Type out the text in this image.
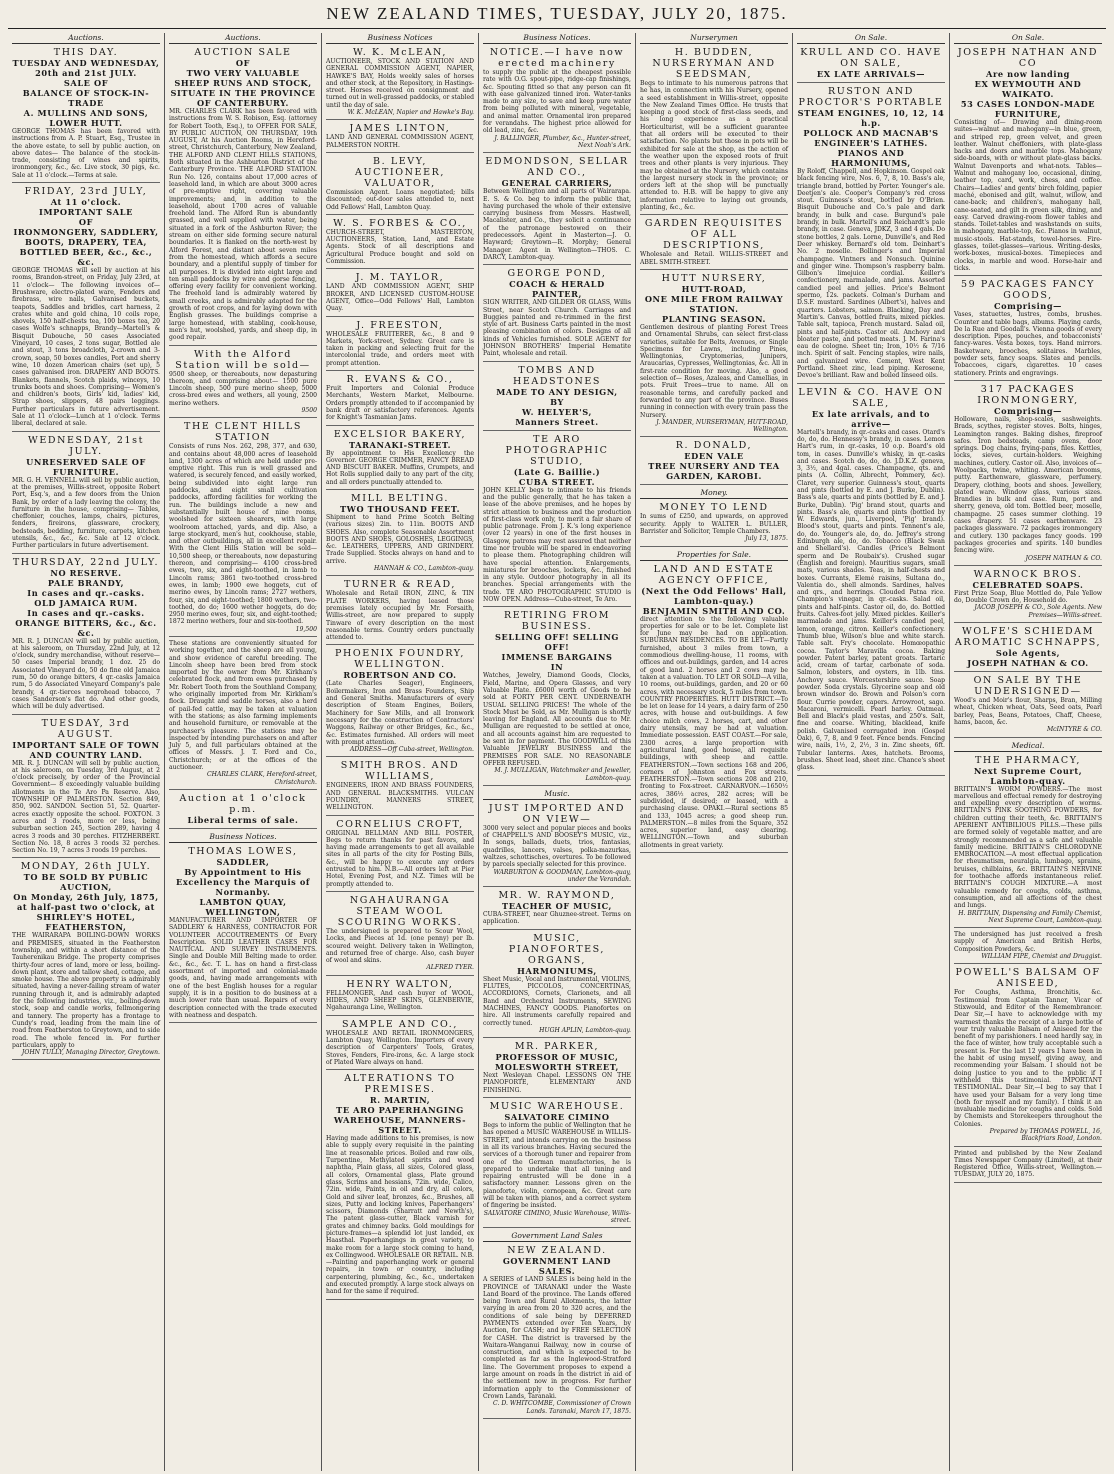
NEW ZEALAND TIMES, TUESDAY, JULY 20, 1875.
Auctions.

THIS DAY.

TUESDAY AND WEDNESDAY,

20th and 21st JULY.

SALE OF

BALANCE OF STOCK-IN-TRADE

A. MULLINS AND SONS, LOWER HUTT.

GEORGE THOMAS has been favored with instructions from A. P. Stuart, Esq., Trustee in the above estate, to sell by public auction, on above dates— The balance of the stock-in-trade, consisting of wines and spirits, ironmongery, &c., &c. Live stock, 30 pigs, &c. Sale at 11 o'clock.—Terms at sale.

FRIDAY, 23rd JULY,

At 11 o'clock.

IMPORTANT SALE

OF

IRONMONGERY, SADDLERY, BOOTS, DRAPERY, TEA, BOTTLED BEER, &c., &c., &c.

GEORGE THOMAS will sell by auction at his rooms, Brandon-street, on Friday, July 23rd, at 11 o'clock— The following invoices of— Brushware, electro-plated ware, Fenders and firebrass, wire nails, Galvanised buckets, teapots, Saddles and bridles, cart harness, 2 crates white and gold china, 10 coils rope, shovels, 150 half-chests tea, 100 boxes tea, 20 cases Wolfe's schnapps, Brandy—Martell's & Bisquit Dubouche, 50 cases Associated Vineyard, 10 cases, 2 tons sugar, Bottled ale and stout, 3 tons broadcloth, 2-crown and 3-crown, soap, 50 boxes candles, Port and sherry wine, 10 dozen American chairs (set up), 5 cases galvanised iron. DRAPERY AND BOOTS. Blankets, flannels, Scotch plaids, winceys, 10 trunks boots and shoes. Comprising— Women's and children's boots, Girls' kid, ladies' kid, Strap shoes, slippers, 48 pairs leggings. Further particulars in future advertisement. Sale at 11 o'clock—Lunch at 1 o'clock. Terms liberal, declared at sale.

WEDNESDAY, 21st JULY.

UNRESERVED SALE OF FURNITURE.

MR. G. H. VENNELL will sell by public auction, at the premises, Willis-street, opposite Robert Port, Esq.'s, and a few doors from the Union Bank, by order of a lady leaving the colony, the furniture in the house, comprising— Tables, cheffonier, couches, lamps, chairs, pictures, fenders, fireirons, glassware, crockery, bedsteads, bedding, furniture, carpets, kitchen utensils, &c., &c., &c. Sale at 12 o'clock. Further particulars in future advertisement.

THURSDAY, 22nd JULY.

NO RESERVE.

PALE BRANDY,

In cases and qr.-casks.

OLD JAMAICA RUM.

In cases and qr.-casks.

ORANGE BITTERS, &c., &c. &c.

MR. R. J. DUNCAN will sell by public auction, at his saleroom, on Thursday, 22nd July, at 12 o'clock, sundry merchandise, without reserve— 50 cases Imperial brandy, 1 doz. 25 do Associated Vineyard do, 50 do fine old Jamaica rum, 50 do orange bitters, 4 qr.-casks Jamaica rum, 5 do Associated Vineyard Company's pale brandy, 4 qr.-tierces negrohead tobacco, 7 cases Sanderson's flat do. And other goods, which will be duly advertised.

TUESDAY, 3rd AUGUST.

IMPORTANT SALE OF TOWN AND COUNTRY LAND.

MR. R. J. DUNCAN will sell by public auction, at his saleroom, on Tuesday, 3rd August, at 2 o'clock precisely, by order of the Provincial Government— 8 exceedingly valuable building allotments in the Te Aro Pa Reserve. Also, TOWNSHIP OF PALMERSTON. Section 849, 850, 902. SANDON. Section 51, 52. Quarter-acres exactly opposite the school. FOXTON. 3 acres and 3 roods, more or less, being suburban section 245, Section 289, having 4 acres 3 roods and 30 perches. FITZHERBERT. Section No. 18, 8 acres 3 roods 32 perches. Section No. 19, 7 acres 3 roods 19 perches.

MONDAY, 26th JULY.

TO BE SOLD BY PUBLIC AUCTION,

On Monday, 26th July, 1875, at half-past two o'clock, at

SHIRLEY'S HOTEL, FEATHERSTON,

THE WAIRARAPA BOILING-DOWN WORKS and PREMISES, situated in the Featherston township, and within a short distance of the Tauherenikau Bridge. The property comprises thirty-four acres of land, more or less, boiling-down plant, store and tallow shed, cottage, and smoke house. The above property is admirably situated, having a never-failing stream of water running through it, and is admirably adapted for the following industries, viz., boiling-down stock, soap and candle works, fellmongering and tannery. The property has a frontage to Cundy's road, leading from the main line of road from Featherston to Greytown, and to side road. The whole fenced in. For further particulars, apply to

JOHN TULLY, Managing Director, Greytown.

Auctions.

AUCTION SALE

OF

TWO VERY VALUABLE SHEEP RUNS AND STOCK,

SITUATE IN THE PROVINCE OF CANTERBURY.

MR. CHARLES CLARK has been favored with instructions from W. S. Robison, Esq. (attorney for Robert Tooth, Esq.), to OFFER FOR SALE, BY PUBLIC AUCTION, ON THURSDAY, 19th AUGUST, At his Auction Rooms, in Hereford-street, Christchurch, Canterbury, New Zealand, THE ALFORD AND CLENT HILLS STATIONS, Both situated in the Ashburton District of the Canterbury Province. THE ALFORD STATION. Run No. 126, contains about 17,000 acres of leasehold land, in which are about 3000 acres of pre-emptive right, covering valuable improvements; and, in addition to the leasehold, about 1700 acres of valuable freehold land. The Alford Run is abundantly grassed, and well supplied with water, being situated in a fork of the Ashburton River; the stream on either side forming secure natural boundaries. It is flanked on the north-west by Alford Forest, and distant about seven miles from the homestead, which affords a secure boundary, and a plentiful supply of timber for all purposes. It is divided into eight large and ten small paddocks by wire and gorse fencing, offering every facility for convenient working. The freehold land is admirably watered by small creeks, and is admirably adapted for the growth of root crops, and for laying down with English grasses. The buildings comprise a large homestead, with stabling, cook-house, men's hut, woolshed, yards, and sheep dip, in good repair.

With the Alford Station will be sold—

9500 sheep, or thereabouts, now depasturing thereon, and comprising about— 1500 pure Lincoln sheep, 500 pure merino sheep, 5000 cross-bred ewes and wethers, all young, 2500 merino wethers.

9500

THE CLENT HILLS STATION

Consists of runs Nos. 262, 298, 377, and 630, and contains about 48,000 acres of leasehold land, 1300 acres of which are held under pre-emptive right. This run is well grassed and watered, is securely fenced, and easily worked, being subdivided into eight large run paddocks, and eight small cultivation paddocks, affording facilities for working the run. The buildings include a new and substantially built house of nine rooms, woolshed for sixteen shearers, with large woolroom attached, yards, and dip. Also, a large stockyard, men's hut, cookhouse, stable, and other outbuildings, all in excellent repair. With the Clent Hills Station will be sold— 10,500 sheep, or thereabouts, now depasturing thereon, and comprising— 4100 cross-bred ewes, two, six, and eight-toothed, in lamb to Lincoln rams; 3861 two-toothed cross-bred ewes, in lamb; 1900 ewe hoggets, cut of merino ewes, by Lincoln rams; 2727 wethers, four, six, and eight-toothed; 1800 wethers, two-toothed, do do; 1600 wether hoggets, do do; 2950 merino ewes, four, six, and eight-toothed; 1872 merino wethers, four and six-toothed.

19,500

These stations are conveniently situated for working together, and the sheep are all young, and show evidence of careful breeding. The Lincoln sheep have been bred from stock imported by the owner from Mr. Kirkham's celebrated flock, and from ewes purchased by Mr. Robert Tooth from the Southland Company, who originally imported from Mr. Kirkham's flock. Draught and saddle horses, also a herd of pail-fed cattle, may be taken at valuation with the stations; as also farming implements and household furniture, or removable at the purchaser's pleasure. The stations may be inspected by intending purchasers on and after July 5, and full particulars obtained at the offices of Messrs. J. T. Ford and Co., Christchurch; or at the offices of the auctioneer.

CHARLES CLARK, Hereford-street, Christchurch.

Auction at 1 o'clock p.m.

Liberal terms of sale.

Business Notices.

THOMAS LOWES,

SADDLER,

By Appointment to His Excellency the Marquis of Normanby.

LAMBTON QUAY, WELLINGTON,

MANUFACTURER AND IMPORTER OF SADDLERY & HARNESS, CONTRACTOR FOR VOLUNTEER ACCOUTREMENTS Of Every Description. SOLID LEATHER CASES FOR NAUTICAL AND SURVEY INSTRUMENTS. Single and Double Mill Belting made to order. &c., &c., &c. T. L. has on hand a first-class assortment of imported and colonial-made goods, and, having made arrangements with one of the best English houses for a regular supply, it is in a position to do business at a much lower rate than usual. Repairs of every description connected with the trade executed with neatness and despatch.

Business Notices

W. K. McLEAN,

AUCTIONEER, STOCK AND STATION AND GENERAL COMMISSION AGENT, NAPIER, HAWKE'S BAY, Holds weekly sales of horses and other stock, at the Repository, in Hastings-street. Horses received on consignment and turned out in well-grassed paddocks, or stabled until the day of sale.

W. K. McLEAN, Napier and Hawke's Bay.

JAMES LINTON,

LAND AND GENERAL COMMISSION AGENT, PALMERSTON NORTH.

B. LEVY, AUCTIONEER, VALUATOR,

Commission Agent. Loans negotiated; bills discounted; out-door sales attended to, next Odd Fellows' Hall, Lambton Quay.

W. S. FORBES & CO.,

CHURCH-STREET, MASTERTON, AUCTIONEERS, Station, Land, and Estate Agents. Stock of all descriptions and Agricultural Produce bought and sold on Commission.

J. M. TAYLOR,

LAND AND COMMISSION AGENT, SHIP BROKER, AND LICENSED CUSTOM-HOUSE AGENT, Office—Odd Fellows' Hall, Lambton Quay.

J. FREESTON,

WHOLESALE FRUITERER, &c., 8 and 9 Markets, York-street, Sydney. Great care is taken in packing and selecting fruit for the intercolonial trade, and orders meet with prompt attention.

R. EVANS & CO.,

Fruit Importers and Colonial Produce Merchants, Western Market, Melbourne. Orders promptly attended to if accompanied by bank draft or satisfactory references. Agents for Knight's Tasmanian Jams.

EXCELSIOR BAKERY,

TARANAKI-STREET.

By appointment to His Excellency the Governor. GEORGE CRIMMER, FANCY BREAD AND BISCUIT BAKER. Muffins, Crumpets, and Hot Rolls supplied daily to any part of the city, and all orders punctually attended to.

MILL BELTING.

TWO THOUSAND FEET.

Shipment to hand Prime Scotch Belting (various sizes) 2in. to 11in. BOOTS AND SHOES. Also, complete Seasonable Assortment BOOTS AND SHOES, GOLOSHES, LEGGINGS, &c. LEATHERS, UPPERS, AND GRINDERY. Trade Supplied. Stocks always on hand and to arrive.

HANNAH & CO., Lambton-quay.

TURNER & READ,

Wholesale and Retail IRON, ZINC, & TIN PLATE WORKERS, having leased those premises lately occupied by Mr. Forsaith, Willis-street, are now prepared to supply Tinware of every description on the most reasonable terms. Country orders punctually attended to.

PHOENIX FOUNDRY, WELLINGTON.

ROBERTSON AND CO.

(Late Charles Seager), Engineers, Boilermakers, Iron and Brass Founders, Ship and General Smiths. Manufacturers of every description of Steam Engines, Boilers, Machinery for Saw Mills, and all Ironwork necessary for the construction of Contractors' Waggons, Railway or other Bridges, &c., &c., &c. Estimates furnished. All orders will meet with prompt attention.

ADDRESS—Off Cuba-street, Wellington.

SMITH BROS. AND WILLIAMS,

ENGINEERS, IRON AND BRASS FOUNDERS, AND GENERAL BLACKSMITHS. VULCAN FOUNDRY, MANNERS STREET, WELLINGTON.

CORNELIUS CROFT,

ORIGINAL BELLMAN AND BILL POSTER, Begs to return thanks for past favors, and having made arrangements to get all available sites in all parts of the city for Posting Bills, &c., will be happy to execute any orders entrusted to him. N.B.—All orders left at Pier Hotel, Evening Post, and N.Z. Times will be promptly attended to.

NGAHAURANGA STEAM WOOL SCOURING WORKS.

The undersigned is prepared to Scour Wool, Locks, and Pieces at 1d. (one penny) per lb. scoured weight. Delivery taken in Wellington, and returned free of charge. Also, cash buyer of wool and skins.

ALFRED TYER.

HENRY WALTON,

FELLMONGER, And cash buyer of WOOL, HIDES, AND SHEEP SKINS, GLENBERVIE, Ngahauranga Line, Wellington.

SAMPLE AND CO.,

WHOLESALE AND RETAIL IRONMONGERS, Lambton Quay, Wellington. Importers of every description of Carpenters' Tools, Grates, Stoves, Fenders, Fire-irons, &c. A large stock of Plated Ware always on hand.

ALTERATIONS TO PREMISES.

R. MARTIN,

TE ARO PAPERHANGING WAREHOUSE, MANNERS-STREET.

Having made additions to his premises, is now able to supply every requisite in the painting line at reasonable prices. Boiled and raw oils, Turpentine, Methylated spirits and wood naphtha, Plain glass, all sizes, Colored glass, all colors, Ornamental glass, Plate ground glass, Scrims and hessians, 72in. wide, Calico, 72in. wide, Paints, in oil and dry, all colors, Gold and silver leaf, bronzes, &c., Brushes, all sizes, Putty and locking knives, Paperhangers' scissors, Diamonds (Sharratt and Newth's), The patent glass-cutter, Black varnish for grates and chimney backs. Gold mouldings for picture-frames—a splendid lot just landed, ex Haasthal. Paperhangings in great variety, to make room for a large stock coming to hand, ex Collingwood. WHOLESALE OR RETAIL. N.B.—Painting and paperhanging work or general repairs, in town or country, including carpentering, plumbing, &c., &c., undertaken and executed promptly. A large stock always on hand for the same if required.

Business Notices.

NOTICE.—I have now erected machinery

to supply the public at the cheapest possible rate with O.G. spout-pipe, ridge-cap finishings, &c. Spouting fitted so that any person can fit with ease galvanized tinned iron. Water-tanks made to any size, to save and keep pure water from being polluted with mineral, vegetable, and animal matter. Ornamental iron prepared for verandahs. The highest price allowed for old lead, zinc, &c.

J. BALLINGER, Plumber, &c., Hunter-street, Next Noah's Ark.

EDMONDSON, SELLAR AND CO.,

GENERAL CARRIERS,

Between Wellington and all parts of Wairarapa. E. S. & Co. beg to inform the public that, having purchased the whole of their extensive carrying business from Messrs. Hastwell, Macalister, and Co., they solicit a continuance of the patronage bestowed on their predecessors. Agent in Masterton—J. O. Hayward; Greytown—R. Morphy; General Manager. Agent in Wellington—THOS. C. DARCY, Lambton-quay.

GEORGE POND,

COACH & HERALD PAINTER,

SIGN WRITER, AND GILDER OR GLASS, Willis Street, near Scotch Church. Carriages and Buggies painted and re-trimmed in the first style of art. Business Carts painted in the most pleasing combination of colors. Designs of all kinds of Vehicles furnished. SOLE AGENT for JOHNSON BROTHERS' Imperial Hematite Paint, wholesale and retail.

TOMBS AND HEADSTONES

MADE TO ANY DESIGN,

BY

W. HELYER'S,

Manners Street.

TE ARO PHOTOGRAPHIC STUDIO,

(Late G. Baillie.)

CUBA STREET.

JOHN KELLY begs to intimate to his friends and the public generally, that he has taken a lease of the above premises, and he hopes by strict attention to business and the production of first-class work only, to merit a fair share of public patronage. From J. K.'s long experience (over 12 years) in one of the first houses in Glasgow, patrons may rest assured that neither time nor trouble will be spared in endeavoring to please them. Photographing children will have special attention. Enlargements, miniatures for brooches, lockets, &c., finished in any style. Outdoor photography in all its branches. Special arrangements with the trade. TE ARO PHOTOGRAPHIC STUDIO is NOW OPEN. Address—Cuba-street, Te Aro.

RETIRING FROM BUSINESS.

SELLING OFF! SELLING OFF!

IMMENSE BARGAINS

IN

Watches, Jewelry, Diamond Goods, Clocks, Field, Marine, and Opera Glasses, and very Valuable Plate. £6000 worth of Goods to be sold at FORTY PER CENT. UNDERNEATH USUAL SELLING PRICES! The whole of the Stock Must be Sold, as Mr. Mulligan is shortly leaving for England. All accounts due to Mr. Mulligan are requested to be settled at once, and all accounts against him are requested to be sent in for payment. The GOODWILL of this Valuable JEWELRY BUSINESS and the PREMISES FOR SALE. NO REASONABLE OFFER REFUSED.

M. J. MULLIGAN, Watchmaker and Jeweller, Lambton-quay.

Music.

JUST IMPORTED AND ON VIEW—

3000 very select and popular pieces and books of CHAPPELL'S AND BOOSEY'S MUSIC, viz., In songs, ballads, duets, trios, fantasias, quadrilles, lancers, valses, polka-mazurkas, waltzes, schottisches, overtures. To be followed by parcels specially selected for this province.

WARBURTON & GOODMAN, Lambton-quay, under the Verandah.

MR. W. RAYMOND,

TEACHER OF MUSIC,

CUBA-STREET, near Ghuznee-street. Terms on application.

MUSIC, PIANOFORTES, ORGANS,

HARMONIUMS,

Sheet Music, Vocal and Instrumental, VIOLINS, FLUTES, PICCOLOS, CONCERTINAS, ACCORDIONS, Cornets, Clarionets, and all Band and Orchestral Instruments, SEWING MACHINES, FANCY GOODS. Pianofortes on hire. All instruments carefully repaired and correctly tuned.

HUGH APLIN, Lambton-quay.

MR. PARKER,

PROFESSOR OF MUSIC,

MOLESWORTH STREET,

Next Wesleyan Chapel. LESSONS ON THE PIANOFORTE, ELEMENTARY AND FINISHING.

MUSIC WAREHOUSE.

SALVATORE CIMINO

Begs to inform the public of Wellington that he has opened a MUSIC WAREHOUSE in WILLIS-STREET, and intends carrying on the business in all its various branches. Having secured the services of a thorough tuner and repairer from one of the German manufactories, he is prepared to undertake that all tuning and repairing entrusted will be done in a satisfactory manner. Lessons given on the pianoforte, violin, cornopean, &c. Great care will be taken with pianos, and a correct system of fingering be insisted.

SALVATORE CIMINO, Music Warehouse, Willis-street.

Government Land Sales

NEW ZEALAND.

GOVERNMENT LAND SALES.

A SERIES of LAND SALES is being held in the PROVINCE of TARANAKI under the Waste Land Board of the province. The Lands offered being Town and Rural Allotments, the latter varying in area from 20 to 320 acres, and the conditions of sale being by DEFERRED PAYMENTS extended over Ten Years, by Auction, for CASH; and by FREE SELECTION for CASH. The district is traversed by the Waitara-Wanganui Railway, now in course of construction, and which is expected to be completed as far as the Inglewood-Stratford line. The Government proposes to expend a large amount on roads in the district in aid of the settlement now in progress. For further information apply to the Commissioner of Crown Lands, Taranaki.

C. D. WHITCOMBE, Commissioner of Crown Lands. Taranaki, March 17, 1875.

Nurserymen

H. BUDDEN, NURSERYMAN AND SEEDSMAN,

Begs to intimate to his numerous patrons that he has, in connection with his Nursery, opened a seed establishment in Willis-street, opposite the New Zealand Times Office. He trusts that keeping a good stock of first-class seeds, and his long experience as a practical Horticulturist, will be a sufficient guarantee that all orders will be executed to their satisfaction. No plants but those in pots will be exhibited for sale at the shop, as the action of the weather upon the exposed roots of fruit trees and other plants is very injurious. They may be obtained at the Nursery, which contains the largest nursery stock in the province; or orders left at the shop will be punctually attended to. H.B. will be happy to give any information relative to laying out grounds, planting, &c., &c.

GARDEN REQUISITES OF ALL DESCRIPTIONS,

Wholesale and Retail. WILLIS-STREET and ABEL SMITH-STREET.

HUTT NURSERY,

HUTT-ROAD,

ONE MILE FROM RAILWAY STATION.

PLANTING SEASON.

Gentlemen desirous of planting Forest Trees and Ornamental Shrubs, can select first-class varieties, suitable for Belts, Avenues, or Single Specimens for Lawns, including Pines, Wellingtonias, Cryptomerias, Junipers, Araucarias, Cypresses, Wellingtonias, &c. All in first-rate condition for moving. Also, a good selection of— Roses, Azaleas, and Camellias, in pots. Fruit Trees—true to name. All on reasonable terms, and carefully packed and forwarded to any part of the province. Buses running in connection with every train pass the Nursery.

J. MANDER, NURSERYMAN, HUTT-ROAD, Wellington.

R. DONALD,

EDEN VALE

TREE NURSERY AND TEA GARDEN, KAROBI.

Money.

MONEY TO LEND

In sums of £250, and upwards, on approved security. Apply to WALTER L. BULLER, Barrister and Solicitor, Temple Chambers.

July 13, 1875.

Properties for Sale.

LAND AND ESTATE AGENCY OFFICE,

(Next the Odd Fellows' Hall, Lambton-quay.)

BENJAMIN SMITH AND CO.

direct attention to the following valuable properties for sale or to be let. Complete list for June may be had on application. SUBURBAN RESIDENCES. TO BE LET—Partly furnished, about 3 miles from town, a commodious dwelling-house, 11 rooms, with offices and out-buildings, garden, and 14 acres of good land. 2 horses and 2 cows may be taken at a valuation. TO LET OR SOLD—A villa, 10 rooms, out-buildings, garden, and 20 or 60 acres, with necessary stock, 5 miles from town. COUNTRY PROPERTIES. HUTT DISTRICT.—To be let on lease for 14 years, a dairy farm of 250 acres, with house and out-buildings. A few choice milch cows, 2 horses, cart, and other dairy utensils, may be had at valuation. Immediate possession. EAST COAST.—For sale, 2300 acres, a large proportion with agricultural land, good house, all requisite buildings, with sheep and cattle. FEATHERSTON.—Town sections 168 and 206, corners of Johnston and Fox streets. FEATHERSTON.—Town sections 208 and 210, fronting to Fox-street. CARNARVON.—1650½ acres, 386½ acres, 282 acres; will be subdivided, if desired; or leased, with a purchasing clause. OPAKI.—Rural sections 85 and 133, 1045 acres; a good sheep run. PALMERSTON.—8 miles from the Square, 352 acres, superior land, easy clearing. WELLINGTON.—Town and suburban allotments in great variety.

On Sale.

KRULL AND CO. HAVE ON SALE,

EX LATE ARRIVALS—

RUSTON AND PROCTOR'S PORTABLE

STEAM ENGINES, 10, 12, 14 h.p.

POLLOCK AND MACNAB'S

ENGINEER'S LATHES.

PIANOS AND HARMONIUMS,

By Roloff, Chappell, and Hopkinson. Gospel oak black fencing wire, Nos. 6, 7, 8, 10. Bass's ale, triangle brand, bottled by Porter. Younger's ale. Deetjen's ale. Cooper's Company's red cross stout. Guinness's stout, bottled by O'Brien. Bisquit Dubouche and Co.'s pale and dark brandy, in bulk and case. Burgund's pale brandy, in bulk. Martell's and Reichardt's pale brandy, in case. Geneva, JDKZ, 3 and 4 gals. Do stone bottles, 2 gals. Lorne, Dunville's, and Red Deer whiskey. Bernard's old tom. Deinhart's No. 2 moselle. Bollinger's and Imperial champagne. Vintners and Nonsuch. Quinine and ginger wine. Thompson's raspberry balm. Gilbon's limejuice cordial. Keiller's confectionery, marmalade, and jams. Assorted candied peel and jellies. Price's Belmont spermo, 12s. packets. Colman's Durham and D.S.F. mustard. Sardines (Albert's), halves and quarters. Lobsters, salmon. Blacking, Day and Martin's. Canvas, bottled fruits, mixed pickles. Table salt, tapioca, French mustard. Salad oil, pints and half-pints. Castor oil. Anchovy and bloater paste, and potted meats. J. M. Farina's eau de cologne. Sheet tin; Iron, 10½ & 7/16 inch. Spirit of salt. Fencing staples, wire nails, and galvanized wire. Cement, West Kent Portland. Sheet zinc, lead piping. Kerosene, Devoe's brilliant. Raw and boiled linseed oils.

LEVIN & CO. HAVE ON SALE,

Ex late arrivals, and to arrive—

Martell's brandy, in qr.-casks and cases. Otard's do, do, do. Hennessy's brandy, in cases. Lemon Hart's rum, in qr.-casks, 10 o.p. Board's old tom, in cases. Dunville's whisky, in qr.-casks and cases. Scotch do, do, do. J.D.K.Z. geneva, 3, 3½, and 4gal. cases. Champagne, qts. and pints (A. Collin, Albrecht, Pommery, &c). Claret, very superior. Guinness's stout, quarts and pints (bottled by E. and J. Burke, Dublin). Bass's ale, quarts and pints (bottled by E. and J. Burke, Dublin). 'Pig' brand stout, quarts and pints. Bass's ale, quarts and pints (bottled by W. Edwards, jun., Liverpool, 'Pig' brand). Blood's stout, quarts and pints. Tennent's ale, do, do. Younger's ale, do, do. Jeffrey's strong Edinburgh ale, do, do. Tobacco (Black Swan and Shellard's). Candles (Price's Belmont sperm and De Roubaix's). Crushed sugar (English and foreign). Mauritius sugars, small mats, various shades. Teas, in half-chests and boxes. Currants, Elemé raisins, Sultana do., Valentia do., shell almonds. Sardines, halves and qrs., and herrings. Clouded Patna rice. Champion's vinegar, in qr.-casks. Salad oil, pints and half-pints. Castor oil, do, do. Bottled fruits. Calves-foot jelly. Mixed pickles. Keiller's marmalade and jams. Keiller's candied peel, lemon, orange, citron. Keiller's confectionery. Thumb blue, Wilson's blue and white starch. Table salt. Fry's chocolate. Homœopathic cocoa. Taylor's Maravilla cocoa. Baking powder. Patent barley, patent groats. Tartaric acid, cream of tartar, carbonate of soda. Salmon, lobsters, and oysters, in 1lb. tins. Anchovy sauce. Worcestershire sauce. Soap powder. Soda crystals. Glycerine soap and old brown windsor do. Brown and Polson's corn flour. Currie powder, capers. Arrowroot, sago. Macaroni, vermicelli. Pearl barley. Oatmeal. Bell and Black's plaid vestas, and 250's. Salt, fine and coarse. Whiting, blacklead, knife polish. Galvanised corrugated iron (Gospel Oak), 6, 7, 8, and 9 feet. Fence bends. Fencing wire, nails, 1½, 2, 2½, 3 in. Zinc sheets, 6ft. Tubular lanterns. Axes, hatchets. Brooms, brushes. Sheet lead, sheet zinc. Chance's sheet glass.

On Sale.

JOSEPH NATHAN AND CO

Are now landing

EX WEYMOUTH AND WAIKATO.

53 CASES LONDON-MADE FURNITURE,

Consisting of— Drawing and dining-room suites—walnut and mahogany—in blue, green, and striped rep, green velvet, and green leather. Walnut cheffoniers, with plate-glass backs and doors and marble tops. Mahogany side-boards, with or without plate-glass backs. Walnut Davenports and what-nots. Tables—Walnut and mahogany loo, occasional, dining, leather top, card, work, chess, and coffee. Chairs—Ladies' and gents' birch folding, papier maché, ebonised and gilt, walnut, willow, and cane-back; and children's, mahogany hall, cane-seated, and gilt in green silk, dining, and easy. Carved drawing-room flower tables and stands. Toilet-tables and washstands on suits, in mahogany, marble-top, &c. Pianos in walnut, music-stools. Hat-stands, towel-horses. Fire-glasses, toilet-glasses—various. Writing-desks, work-boxes, musical-boxes. Timepieces and clocks, in marble and wood. Horse-hair and ticks.

59 PACKAGES FANCY GOODS,

Comprising—

Vases, statuettes, lustres, combs, brushes. Counter and table bags, albums. Playing cards, De la Rue and Goodall's. Vienna goods of every description. Pipes, pouches, and tobacconists' fancy-wares. Vesta boxes, toys. Hand mirrors. Basketware, brooches, solitaires. Marbles, powder sets, fancy soaps. Slates and pencils. Tobaccoes, cigars, cigarettes. 10 cases stationery. Prints and engravings.

317 PACKAGES IRONMONGERY,

Comprising—

Holloware, nails, shop-scales, sashweights. Brads, scythes, register stoves. Bolts, hinges, Leamington ranges. Baking dishes, fireproof safes. Iron bedsteads, camp ovens, door springs. Dog chains, frying-pans, files. Kettles, locks, sieves, curtain-holders. Weighing machines, cutlery. Castor oil. Also, invoices of— Woolpacks, twine, whiting. American brooms, putty. Earthenware, glassware, perfumery. Drapery, clothing, boots and shoes. Jewellery, plated ware. Window glass, various sizes. Brandies in bulk and case. Rum, port and sherry, geneva, old tom. Bottled beer, moselle, champagne. 25 cases summer clothing. 19 cases drapery. 51 cases earthenware. 23 packages glassware. 72 packages ironmongery and cutlery. 130 packages fancy goods. 199 packages groceries and spirits. 140 bundles fencing wire.

JOSEPH NATHAN & CO.

WARNOCK BROS.

CELEBRATED SOAPS.

First Prize Soap, Blue Mottled do, Pale Yellow do, Double Crown do, Household do.

JACOB JOSEPH & CO., Sole Agents. New Premises—Willis-street.

WOLFE'S SCHIEDAM AROMATIC SCHNAPPS,

Sole Agents,

JOSEPH NATHAN & CO.

ON SALE BY THE UNDERSIGNED—

Wood's and Moir's flour, Sharps, Bran, Milling wheat, Chicken wheat, Oats, Seed oats, Pearl barley, Peas, Beans, Potatoes, Chaff, Cheese, hams, bacon, &c.

McINTYRE & CO.

Medical.

THE PHARMACY,

Next Supreme Court, Lambton-quay.

BRITTAIN'S WORM POWDERS.—The most marvellous and effectual remedy for destroying and expelling every description of worms. BRITTAIN'S PINK SOOTHING POWDERS, for children cutting their teeth, &c. BRITTAIN'S APERIENT ANTIBILIOUS PILLS.—These pills are formed solely of vegetable matter, and are strongly recommended as a safe and valuable family medicine. BRITTAIN'S CHLORODYNE EMBROCATION.—A most effectual application for rheumatism, neuralgia, lumbago, sprains, bruises, chilblains, &c. BRITTAIN'S NERVINE for toothache affords instantaneous relief. BRITTAIN'S COUGH MIXTURE.—A most valuable remedy for coughs, colds, asthma, consumption, and all affections of the chest and lungs.

H. BRITTAIN, Dispensing and Family Chemist, Next Supreme Court, Lambton-quay.

The undersigned has just received a fresh supply of American and British Herbs, Composition Powders, &c.

WILLIAM FIPE, Chemist and Druggist.

POWELL'S BALSAM OF ANISEED,

For Coughs, Asthma, Bronchitis, &c. Testimonial from Captain Tanner, Vicar of Stixwould, and Editor of the Remembrancer. Dear Sir,—I have to acknowledge with my warmest thanks the receipt of a large bottle of your truly valuable Balsam of Aniseed for the benefit of my parishioners. I need hardly say, in the face of winter, how truly acceptable such a present is. For the last 12 years I have been in the habit of using myself, giving away, and recommending your Balsam. I should not be doing justice to you and to the public if I withheld this testimonial. IMPORTANT TESTIMONIAL. Dear Sir,—I beg to say that I have used your Balsam for a very long time (both for myself and my family). I think it an invaluable medicine for coughs and colds. Sold by Chemists and Storekeepers throughout the Colonies.

Prepared by THOMAS POWELL, 16, Blackfriars Road, London.

Printed and published by the New Zealand Times Newspaper Company (Limited), at their Registered Office, Willis-street, Wellington.—TUESDAY, JULY 20, 1875.
